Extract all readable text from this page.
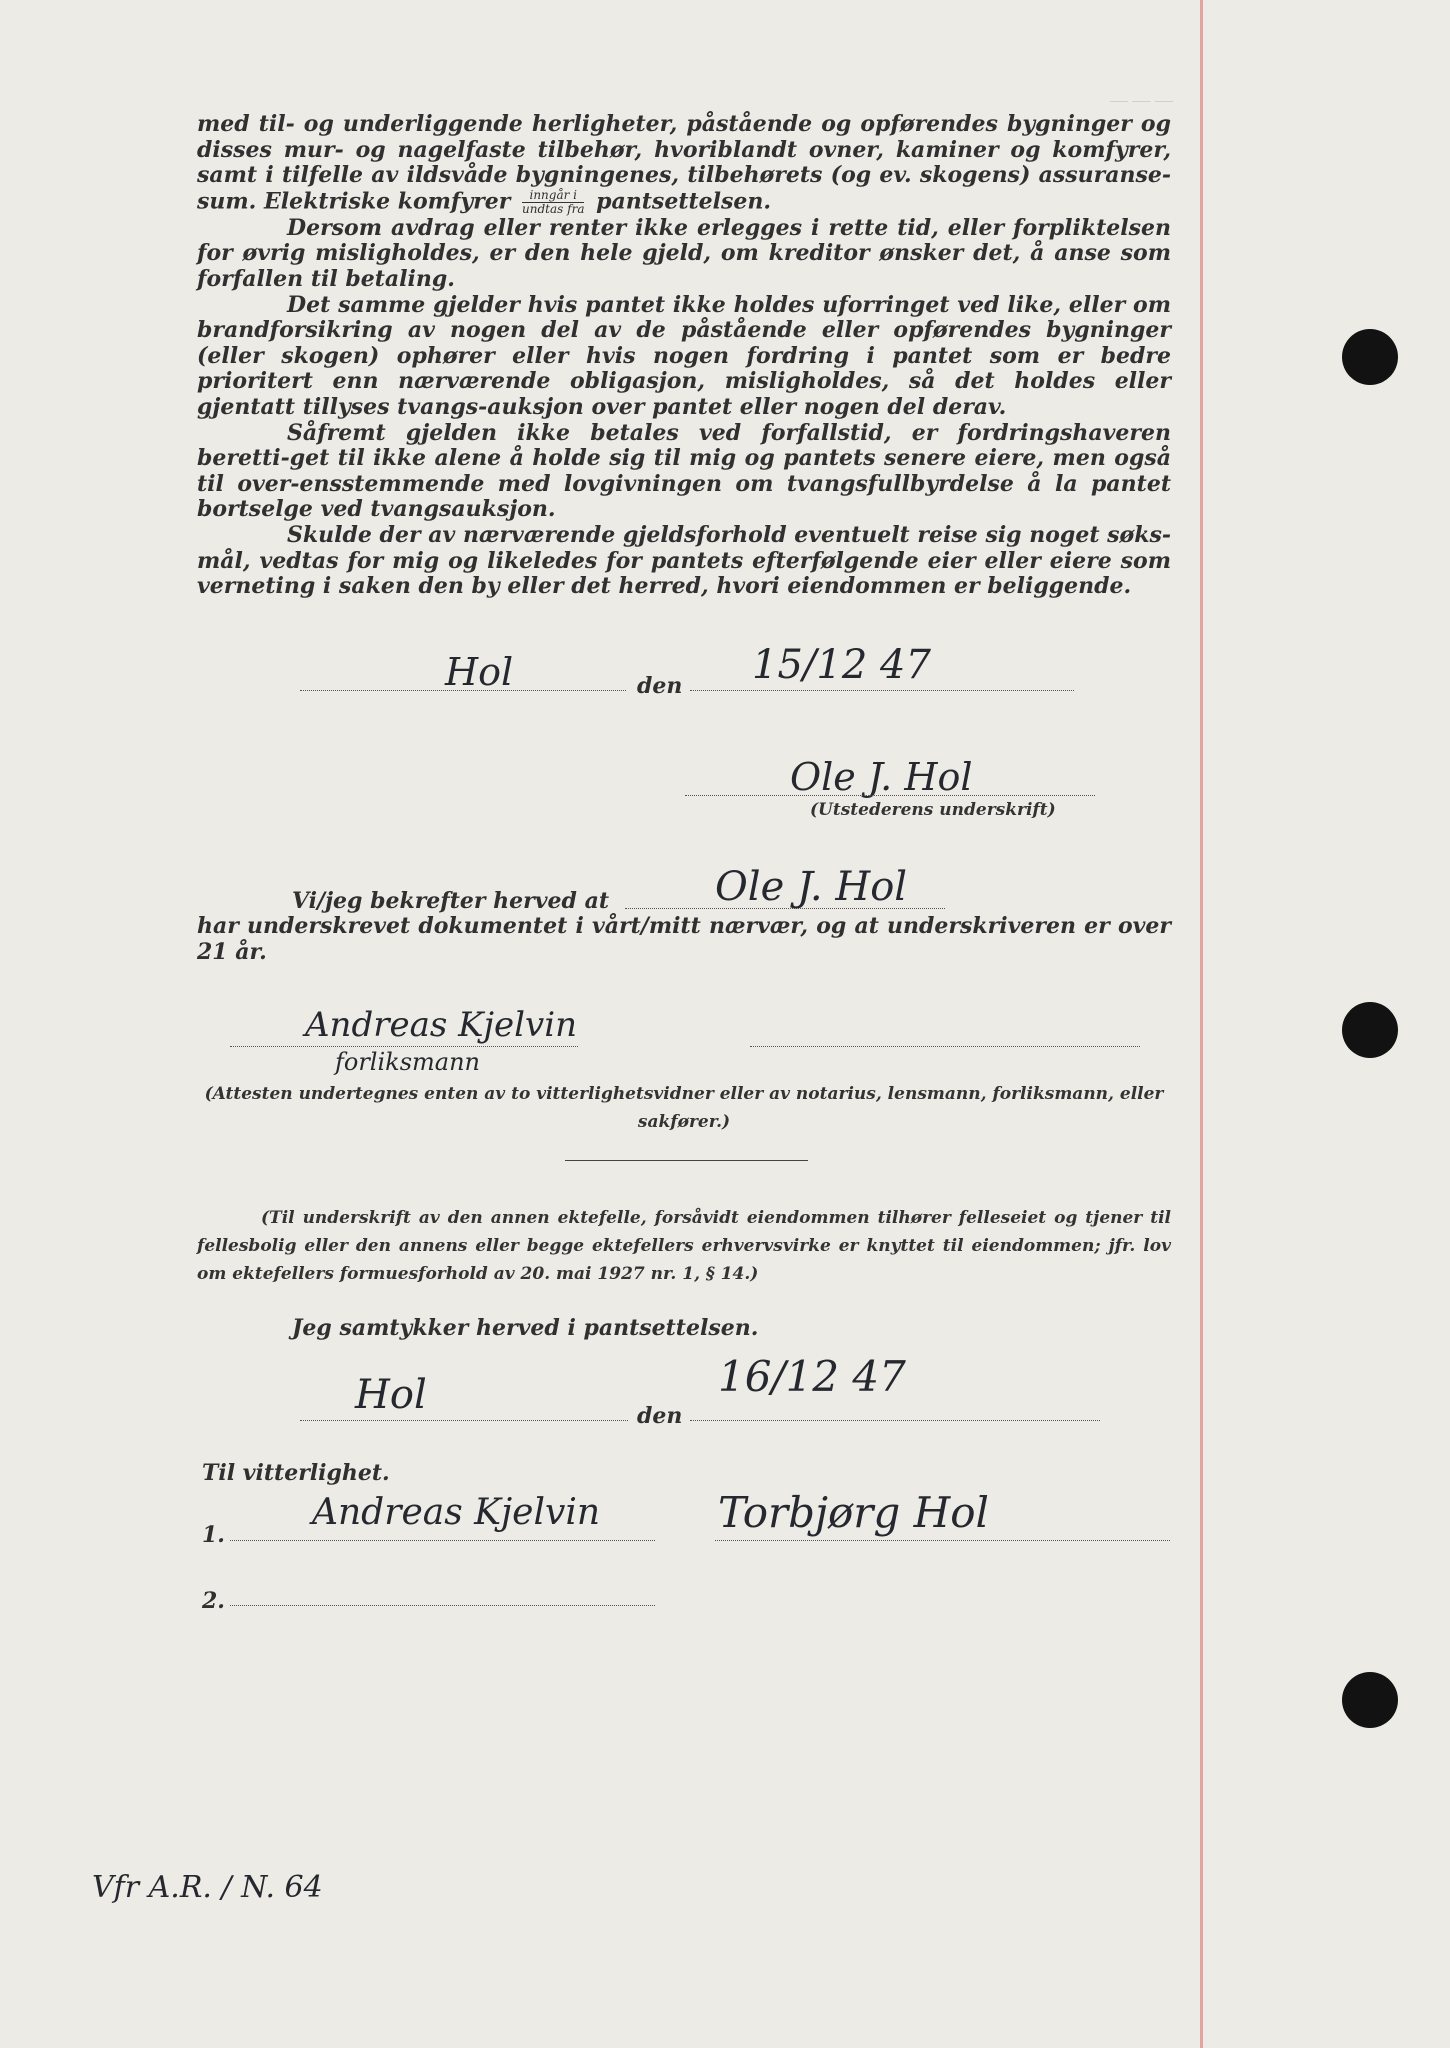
— — —

med til- og underliggende herligheter, påstående og opførendes bygninger og disses mur- og nagelfaste tilbehør, hvoriblandt ovner, kaminer og komfyrer, samt i tilfelle av ildsvåde bygningenes, tilbehørets (og ev. skogens) assuranse-sum. Elektriske komfyrer $\frac{\text{inngår i}}{\text{undtas fra}}$ pantsettelsen.

Dersom avdrag eller renter ikke erlegges i rette tid, eller forpliktelsen for øvrig misligholdes, er den hele gjeld, om kreditor ønsker det, å anse som forfallen til betaling.

Det samme gjelder hvis pantet ikke holdes uforringet ved like, eller om brandforsikring av nogen del av de påstående eller opførendes bygninger (eller skogen) ophører eller hvis nogen fordring i pantet som er bedre prioritert enn nærværende obligasjon, misligholdes, så det holdes eller gjentatt tillyses tvangs-auksjon over pantet eller nogen del derav.

Såfremt gjelden ikke betales ved forfallstid, er fordringshaveren beretti-get til ikke alene å holde sig til mig og pantets senere eiere, men også til over-ensstemmende med lovgivningen om tvangsfullbyrdelse å la pantet bortselge ved tvangsauksjon.

Skulde der av nærværende gjeldsforhold eventuelt reise sig noget søks-mål, vedtas for mig og likeledes for pantets efterfølgende eier eller eiere som verneting i saken den by eller det herred, hvori eiendommen er beliggende.

Hol	den 15/12 47
Ole J. Hol
(Utstederens underskrift)
Vi/jeg bekrefter herved at	Ole J. Hol
har underskrevet dokumentet i vårt/mitt nærvær, og at underskriveren er over 21 år.
Andreas Kjelvin
forliksmann
(Attesten undertegnes enten av to vitterlighetsvidner eller av notarius, lensmann, forliksmann, eller sakfører.)
(Til underskrift av den annen ektefelle, forsåvidt eiendommen tilhører felleseiet og tjener til fellesbolig eller den annens eller begge ektefellers erhvervsvirke er knyttet til eiendommen; jfr. lov om ektefellers formuesforhold av 20. mai 1927 nr. 1, § 14.)
Jeg samtykker herved i pantsettelsen.
Hol	den
16/12 47
Til vitterlighet.
1.
Andreas Kjelvin	Torbjørg Hol
2.
Vfr A.R. / N. 64
